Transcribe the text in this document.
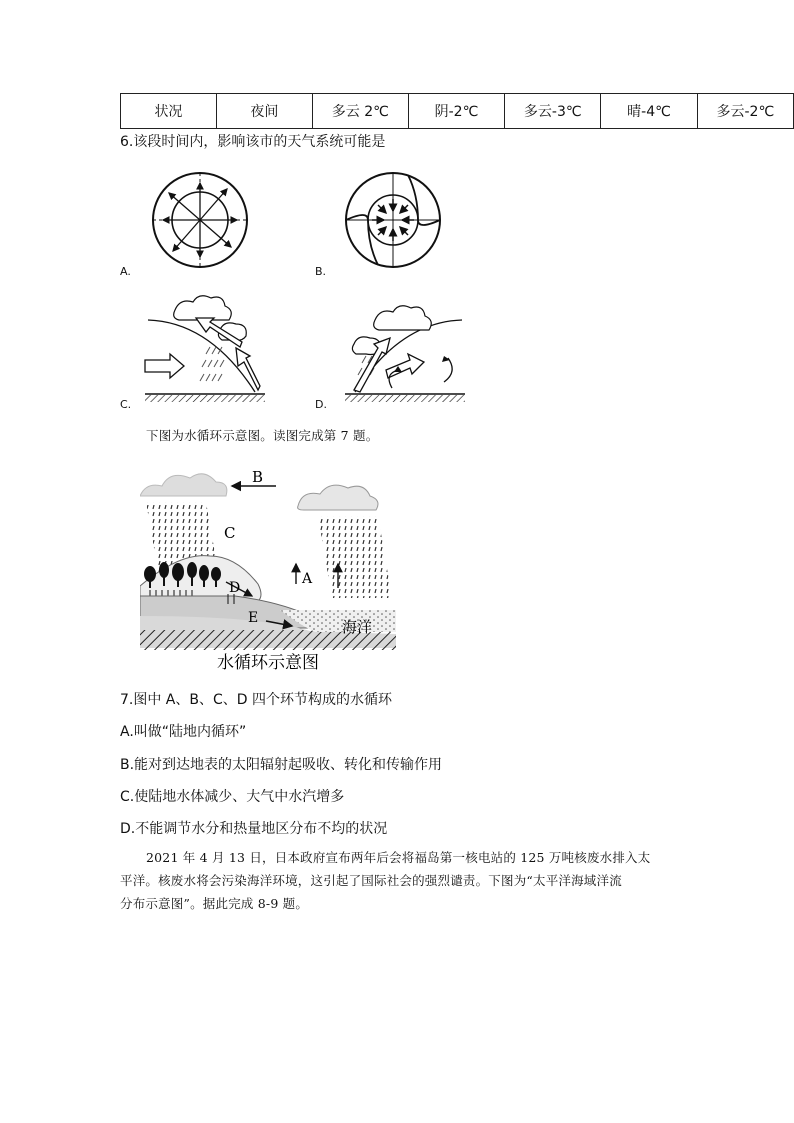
状况	夜间	多云 2℃	阴-2℃	多云-3℃	晴-4℃	多云-2℃
6.该段时间内，影响该市的天气系统可能是
A.	B.
C.	D.
下图为水循环示意图。读图完成第 7 题。
B
C
A
D
E	海洋
水循环示意图
7.图中 A、B、C、D 四个环节构成的水循环
A.叫做“陆地内循环”
B.能对到达地表的太阳辐射起吸收、转化和传输作用
C.使陆地水体减少、大气中水汽增多
D.不能调节水分和热量地区分布不均的状况
2021 年 4 月 13 日，日本政府宣布两年后会将福岛第一核电站的 125 万吨核废水排入太
平洋。核废水将会污染海洋环境，这引起了国际社会的强烈谴责。下图为“太平洋海域洋流
分布示意图”。据此完成 8-9 题。
